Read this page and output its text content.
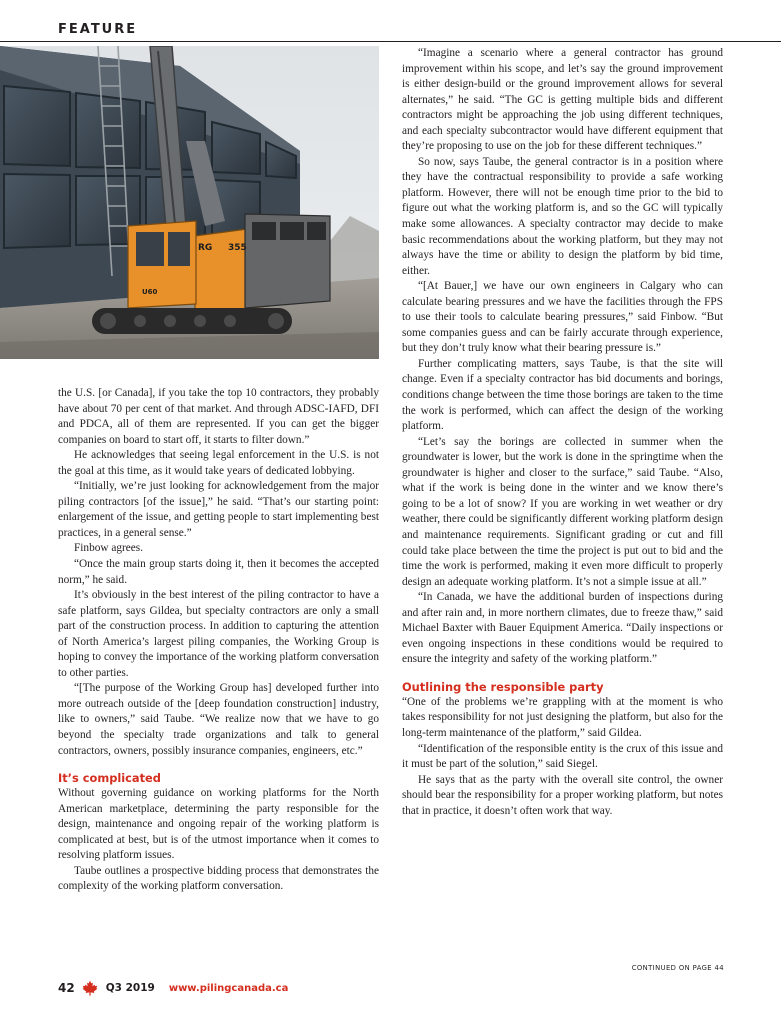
FEATURE
RG 355
U60

the U.S. [or Canada], if you take the top 10 contractors, they probably have about 70 per cent of that market. And through ADSC-IAFD, DFI and PDCA, all of them are represented. If you can get the bigger companies on board to start off, it starts to filter down.”

He acknowledges that seeing legal enforcement in the U.S. is not the goal at this time, as it would take years of dedicated lobbying.

“Initially, we’re just looking for acknowledgement from the major piling contractors [of the issue],” he said. “That’s our starting point: enlargement of the issue, and getting people to start implementing best practices, in a general sense.”

Finbow agrees.

“Once the main group starts doing it, then it becomes the accepted norm,” he said.

It’s obviously in the best interest of the piling contractor to have a safe platform, says Gildea, but specialty contractors are only a small part of the construction process. In addition to capturing the attention of North America’s largest piling companies, the Working Group is hoping to convey the importance of the working platform conversation to other parties.

“[The purpose of the Working Group has] developed further into more outreach outside of the [deep foundation construction] industry, like to owners,” said Taube. “We realize now that we have to go beyond the specialty trade organizations and talk to general contractors, owners, possibly insurance companies, engineers, etc.”

It’s complicated

Without governing guidance on working platforms for the North American marketplace, determining the party responsible for the design, maintenance and ongoing repair of the working platform is complicated at best, but is of the utmost importance when it comes to resolving platform issues.

Taube outlines a prospective bidding process that demonstrates the complexity of the working platform conversation.

“Imagine a scenario where a general contractor has ground improvement within his scope, and let’s say the ground improvement is either design-build or the ground improvement allows for several alternates,” he said. “The GC is getting multiple bids and different contractors might be approaching the job using different techniques, and each specialty subcontractor would have different equipment that they’re proposing to use on the job for these different techniques.”

So now, says Taube, the general contractor is in a position where they have the contractual responsibility to provide a safe working platform. However, there will not be enough time prior to the bid to figure out what the working platform is, and so the GC will typically make some allowances. A specialty contractor may decide to make basic recommendations about the working platform, but they may not always have the time or ability to design the platform by bid time, either.

“[At Bauer,] we have our own engineers in Calgary who can calculate bearing pressures and we have the facilities through the FPS to use their tools to calculate bearing pressures,” said Finbow. “But some companies guess and can be fairly accurate through experience, but they don’t truly know what their bearing pressure is.”

Further complicating matters, says Taube, is that the site will change. Even if a specialty contractor has bid documents and borings, conditions change between the time those borings are taken to the time the work is performed, which can affect the design of the working platform.

“Let’s say the borings are collected in summer when the groundwater is lower, but the work is done in the springtime when the groundwater is higher and closer to the surface,” said Taube. “Also, what if the work is being done in the winter and we know there’s going to be a lot of snow? If you are working in wet weather or dry weather, there could be significantly different working platform design and maintenance requirements. Significant grading or cut and fill could take place between the time the project is put out to bid and the time the work is performed, making it even more difficult to properly design an adequate working platform. It’s not a simple issue at all.”

“In Canada, we have the additional burden of inspections during and after rain and, in more northern climates, due to freeze thaw,” said Michael Baxter with Bauer Equipment America. “Daily inspections or even ongoing inspections in these conditions would be required to ensure the integrity and safety of the working platform.”

Outlining the responsible party

“One of the problems we’re grappling with at the moment is who takes responsibility for not just designing the platform, but also for the long-term maintenance of the platform,” said Gildea.

“Identification of the responsible entity is the crux of this issue and it must be part of the solution,” said Siegel.

He says that as the party with the overall site control, the owner should bear the responsibility for a proper working platform, but notes that in practice, it doesn’t often work that way.

CONTINUED ON PAGE 44
42	Q3 2019 www.pilingcanada.ca
